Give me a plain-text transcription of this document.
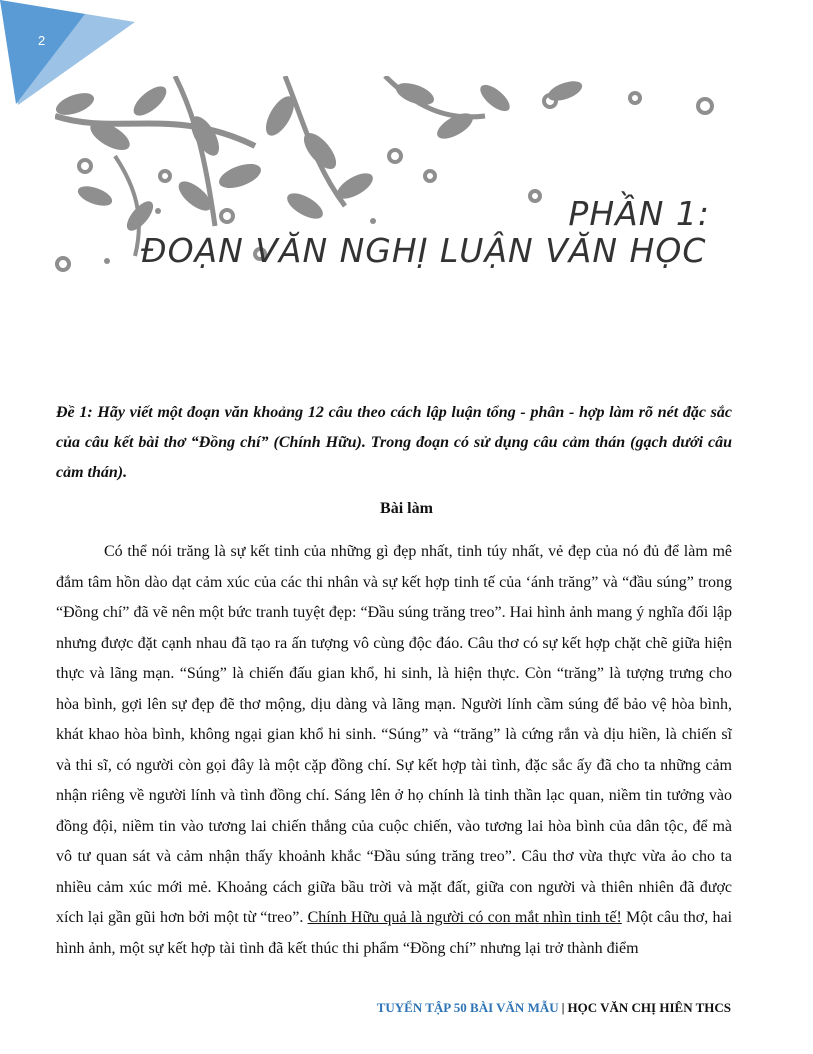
2
PHẦN 1:
ĐOẠN VĂN NGHỊ LUẬN VĂN HỌC

Đề 1: Hãy viết một đoạn văn khoảng 12 câu theo cách lập luận tổng - phân - hợp làm rõ nét đặc sắc của câu kết bài thơ “Đồng chí” (Chính Hữu). Trong đoạn có sử dụng câu cảm thán (gạch dưới câu cảm thán).

Bài làm

Có thể nói trăng là sự kết tinh của những gì đẹp nhất, tinh túy nhất, vẻ đẹp của nó đủ để làm mê đắm tâm hồn dào dạt cảm xúc của các thi nhân và sự kết hợp tinh tế của ‘ánh trăng” và “đầu súng” trong “Đồng chí” đã vẽ nên một bức tranh tuyệt đẹp: “Đầu súng trăng treo”. Hai hình ảnh mang ý nghĩa đối lập nhưng được đặt cạnh nhau đã tạo ra ấn tượng vô cùng độc đáo. Câu thơ có sự kết hợp chặt chẽ giữa hiện thực và lãng mạn. “Súng” là chiến đấu gian khổ, hi sinh, là hiện thực. Còn “trăng” là tượng trưng cho hòa bình, gợi lên sự đẹp đẽ thơ mộng, dịu dàng và lãng mạn. Người lính cầm súng để bảo vệ hòa bình, khát khao hòa bình, không ngại gian khổ hi sinh. “Súng” và “trăng” là cứng rắn và dịu hiền, là chiến sĩ và thi sĩ, có người còn gọi đây là một cặp đồng chí. Sự kết hợp tài tình, đặc sắc ấy đã cho ta những cảm nhận riêng về người lính và tình đồng chí. Sáng lên ở họ chính là tinh thần lạc quan, niềm tin tưởng vào đồng đội, niềm tin vào tương lai chiến thắng của cuộc chiến, vào tương lai hòa bình của dân tộc, để mà vô tư quan sát và cảm nhận thấy khoảnh khắc “Đầu súng trăng treo”. Câu thơ vừa thực vừa ảo cho ta nhiều cảm xúc mới mẻ. Khoảng cách giữa bầu trời và mặt đất, giữa con người và thiên nhiên đã được xích lại gần gũi hơn bởi một từ “treo”. Chính Hữu quả là người có con mắt nhìn tinh tế! Một câu thơ, hai hình ảnh, một sự kết hợp tài tình đã kết thúc thi phẩm “Đồng chí” nhưng lại trở thành điểm

TUYỂN TẬP 50 BÀI VĂN MẪU | HỌC VĂN CHỊ HIÊN THCS
